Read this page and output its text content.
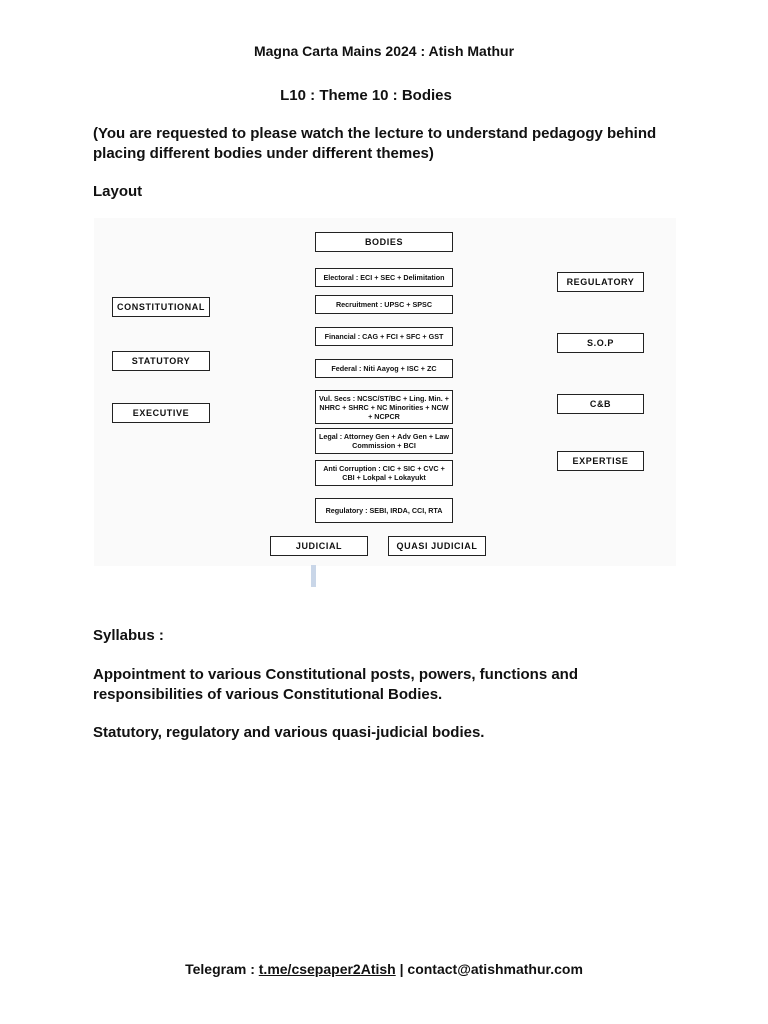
Magna Carta Mains 2024 : Atish Mathur
L10 : Theme 10 : Bodies
(You are requested to please watch the lecture to understand pedagogy behind placing different bodies under different themes)
Layout
BODIES
Electoral : ECI + SEC + Delimitation
Recruitment : UPSC + SPSC
Financial : CAG + FCI + SFC + GST
Federal : Niti Aayog + ISC + ZC
Vul. Secs : NCSC/ST/BC + Ling. Min. + NHRC + SHRC + NC Minorities + NCW + NCPCR
Legal : Attorney Gen + Adv Gen + Law Commission + BCI
Anti Corruption : CIC + SIC + CVC + CBI + Lokpal + Lokayukt
Regulatory : SEBI, IRDA, CCI, RTA
CONSTITUTIONAL
STATUTORY
EXECUTIVE
REGULATORY
S.O.P
C&B
EXPERTISE
JUDICIAL	QUASI JUDICIAL
Syllabus :
Appointment to various Constitutional posts, powers, functions and responsibilities of various Constitutional Bodies.
Statutory, regulatory and various quasi-judicial bodies.
Telegram : t.me/csepaper2Atish | contact@atishmathur.com
